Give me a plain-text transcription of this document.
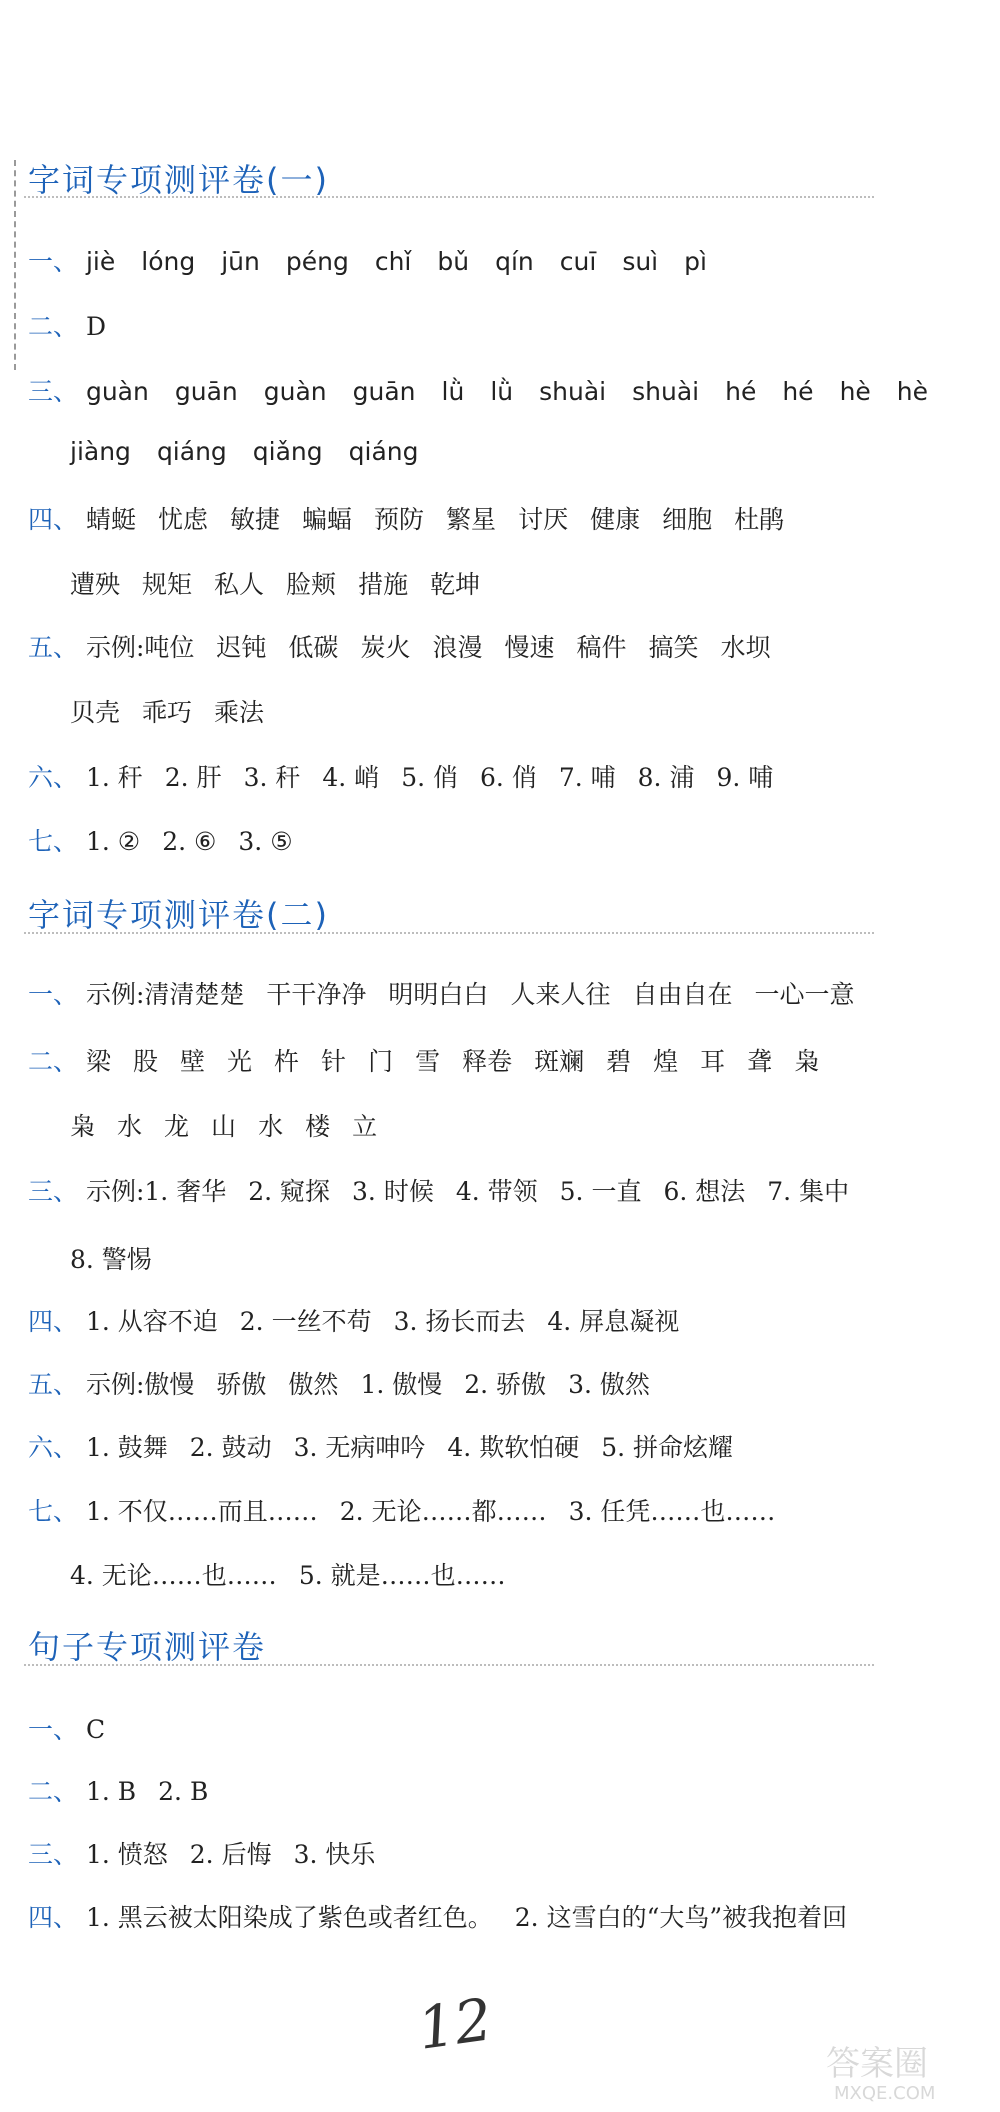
字词专项测评卷(一)
一、 jiè lóng jūn péng chǐ bǔ qín cuī suì pì
二、 D
三、 guàn guān guàn guān lǜ lǜ shuài shuài hé hé hè hè
jiàng qiáng qiǎng qiáng
四、 蜻蜓 忧虑 敏捷 蝙蝠 预防 繁星 讨厌 健康 细胞 杜鹃
遭殃 规矩 私人 脸颊 措施 乾坤
五、 示例:吨位 迟钝 低碳 炭火 浪漫 慢速 稿件 搞笑 水坝
贝壳 乖巧 乘法
六、 1. 秆 2. 肝 3. 秆 4. 峭 5. 俏 6. 俏 7. 哺 8. 浦 9. 哺
七、 1. ② 2. ⑥ 3. ⑤
字词专项测评卷(二)
一、 示例:清清楚楚 干干净净 明明白白 人来人往 自由自在 一心一意
二、 梁 股 壁 光 杵 针 门 雪 释卷 斑斓 碧 煌 耳 聋 枭
枭 水 龙 山 水 楼 立
三、 示例:1. 奢华 2. 窥探 3. 时候 4. 带领 5. 一直 6. 想法 7. 集中
8. 警惕
四、 1. 从容不迫 2. 一丝不苟 3. 扬长而去 4. 屏息凝视
五、 示例:傲慢 骄傲 傲然 1. 傲慢 2. 骄傲 3. 傲然
六、 1. 鼓舞 2. 鼓动 3. 无病呻吟 4. 欺软怕硬 5. 拼命炫耀
七、 1. 不仅……而且…… 2. 无论……都…… 3. 任凭……也……
4. 无论……也…… 5. 就是……也……
句子专项测评卷
一、 C
二、 1. B 2. B
三、 1. 愤怒 2. 后悔 3. 快乐
四、 1. 黑云被太阳染成了紫色或者红色。 2. 这雪白的“大鸟”被我抱着回
12
答案圈
MXQE.COM
